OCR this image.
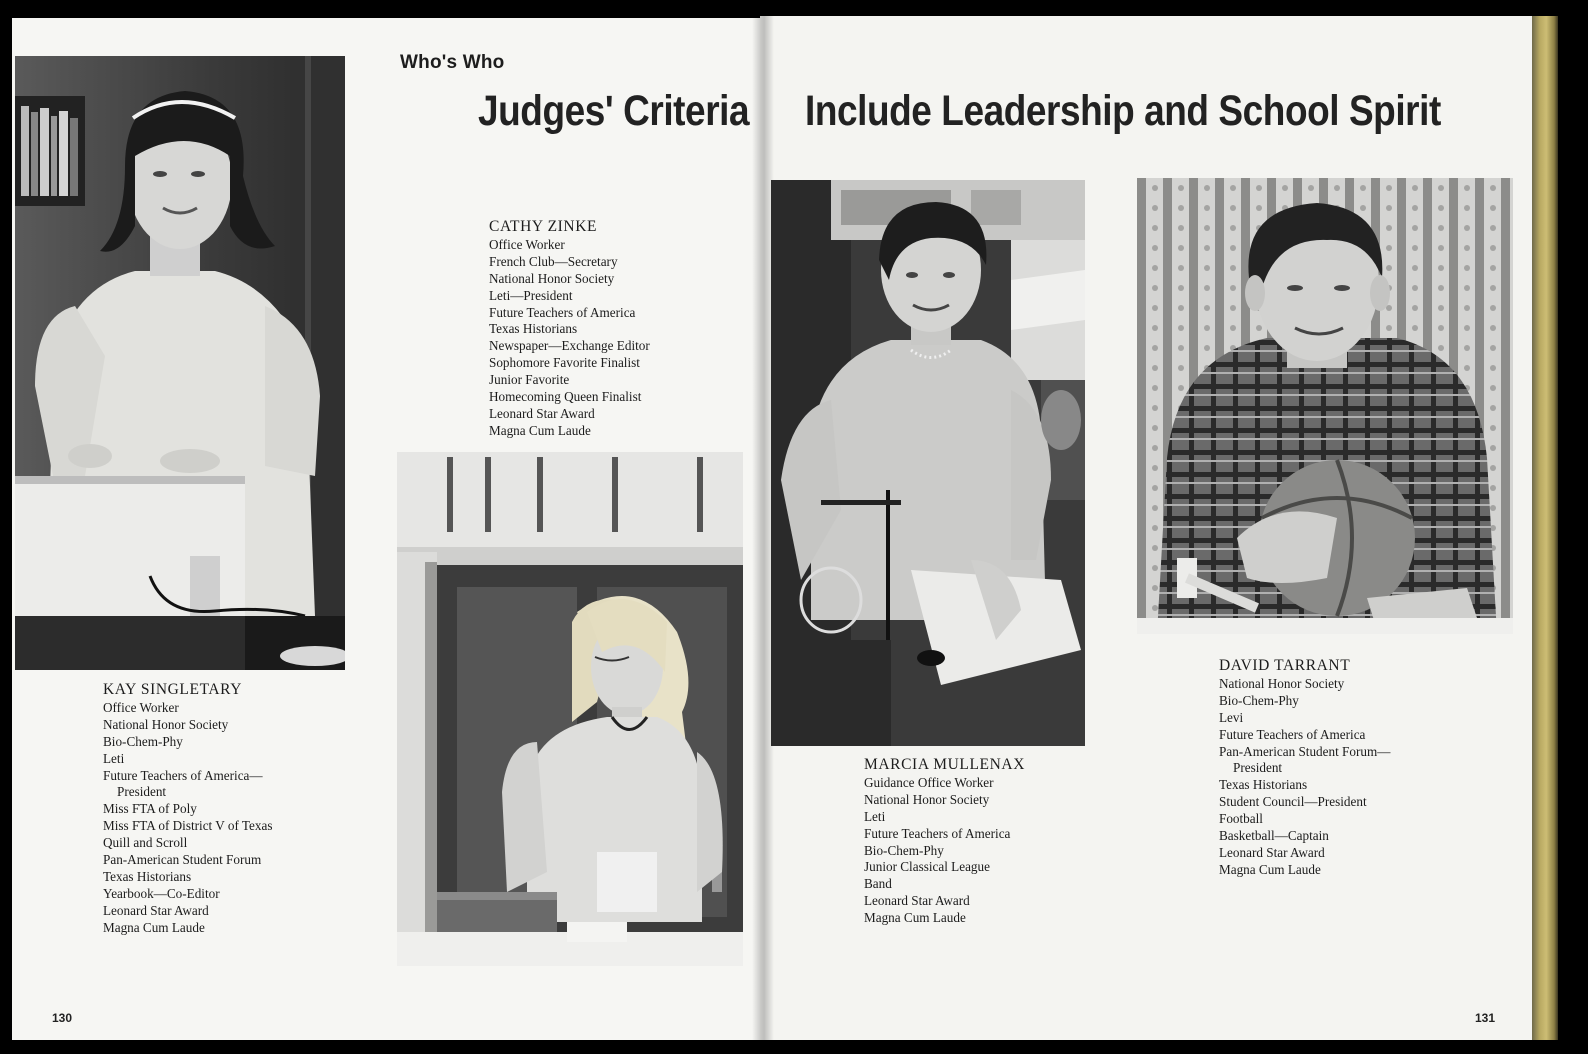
Who's Who
Judges' Criteria Include Leadership and School Spirit
KAY SINGLETARY
Office Worker
National Honor Society
Bio-Chem-Phy
Leti
Future Teachers of America—
President
Miss FTA of Poly
Miss FTA of District V of Texas
Quill and Scroll
Pan-American Student Forum
Texas Historians
Yearbook—Co-Editor
Leonard Star Award
Magna Cum Laude
CATHY ZINKE
Office Worker
French Club—Secretary
National Honor Society
Leti—President
Future Teachers of America
Texas Historians
Newspaper—Exchange Editor
Sophomore Favorite Finalist
Junior Favorite
Homecoming Queen Finalist
Leonard Star Award
Magna Cum Laude
MARCIA MULLENAX
Guidance Office Worker
National Honor Society
Leti
Future Teachers of America
Bio-Chem-Phy
Junior Classical League
Band
Leonard Star Award
Magna Cum Laude
DAVID TARRANT
National Honor Society
Bio-Chem-Phy
Levi
Future Teachers of America
Pan-American Student Forum—
President
Texas Historians
Student Council—President
Football
Basketball—Captain
Leonard Star Award
Magna Cum Laude
130	131
